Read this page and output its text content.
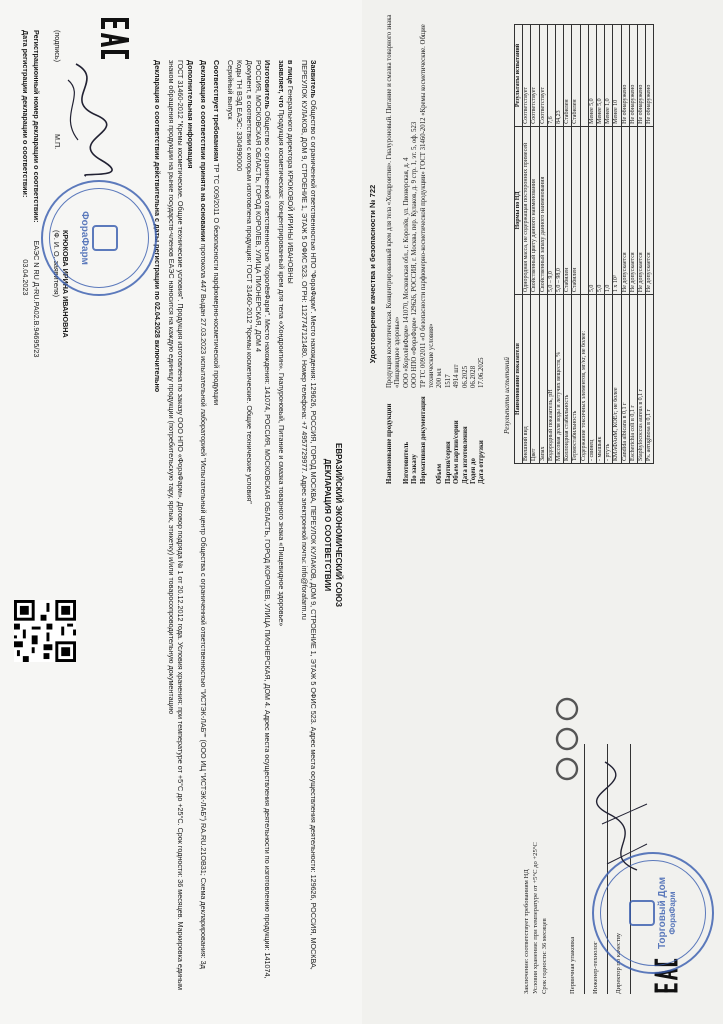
ЕВРАЗИЙСКИЙ ЭКОНОМИЧЕСКИЙ СОЮЗ
ДЕКЛАРАЦИЯ О СООТВЕТСТВИИ

Заявитель Общество с ограниченной ответственностью НПО "ФораФарм". Место нахождения: 129626, РОССИЯ, ГОРОД МОСКВА, ПЕРЕУЛОК КУЛАКОВ, ДОМ 9, СТРОЕНИЕ 1, ЭТАЖ 5 ОФИС 523. Адрес места осуществления деятельности: 129626, РОССИЯ, МОСКВА, ПЕРЕУЛОК КУЛАКОВ, ДОМ 9, СТРОЕНИЕ 1, ЭТАЖ 5 ОФИС 523. ОГРН: 1127747121480. Номер телефона: +7 4957729977. Адрес электронной почты: info@forafarm.ru

в лице Генерального директора КРЮКОВОЙ ИРИНЫ ИВАНОВНЫ

заявляет, что Продукция косметическая: Концентрированный крем для тела «Хондроитин». Гиалуроновый, Питание и смазка товарного знака «Пищевидное здоровье»

Изготовитель Общество с ограниченной ответственностью "КоролёвФарм". Место нахождения: 141074, РОССИЯ, МОСКОВСКАЯ ОБЛАСТЬ, ГОРОД КОРОЛЕВ, УЛИЦА ПИОНЕРСКАЯ, ДОМ 4. Адрес места осуществления деятельности по изготовлению продукции: 141074, РОССИЯ, МОСКОВСКАЯ ОБЛАСТЬ, ГОРОД КОРОЛЕВ, УЛИЦА ПИОНЕРСКАЯ, ДОМ 4

Документ, в соответствии с которым изготовлена продукция: ГОСТ 31460-2012 "Кремы косметические. Общие технические условия"

Коды ТН ВЭД ЕАЭС: 3304990000

Серийный выпуск

Соответствует требованиям ТР ТС 009/2011 О безопасности парфюмерно-косметической продукции

Декларация о соответствии принята на основании протокола 447 Выдан 27.03.2023 испытательной лабораторией "Испытательный центр Общества с ограниченной ответственностью "ИСТЭК-ЛАБ"" (ООО ИЦ "ИСТЭК-ЛАБ") RA.RU.21ОВ31; Схема декларирования: 3д

Дополнительная информация

ГОСТ 31460-2012 "Кремы косметические. Общие технические условия". Продукция изготовлена по заказу ООО НПО «ФораФарм». Договор подряда № 1 от 20.12.2012 года. Условия хранения: при температуре от +5°С до +25°С. Срок годности: 36 месяцев. Маркировка единым знаком обращения продукции на рынке государств-членов ЕАЭС наносится на каждую единицу продукции (потребительскую тару, ярлык, этикетку) и/или товаросопроводительную документацию

Декларация о соответствии действительна с даты регистрации по 02.04.2028 включительно

(подпись) М.П.
КРЮКОВА ИРИНА ИВАНОВНА
(Ф. И. О. заявителя)
Регистрационный номер декларации о соответствии: ЕАЭС N RU Д-RU.РА02.В.94695/23
Дата регистрации декларации о соответствии: 03.04.2023
ФораФарм	Удостоверение качества и безопасности № 722
Наименование продукции
Продукция косметическая. Концентрированный крем для тела «Хондроитин». Гиалуроновый. Питание и смазка товарного знака «Пищевидное здоровье»
Изготовитель
ООО «КоролёвФарм» 141070, Московская обл., г. Королёв, ул. Пионерская, д. 4
По заказу
ООО НПО «ФораФарм» 129626, РОССИЯ, г. Москва, пер. Кулаков, д. 9 стр. 1, эт. 5, оф. 523
Нормативная документация
ТР ТС 009/2011 «О безопасности парфюмерно-косметической продукции» ГОСТ 31460-2012 «Кремы косметические. Общие технические условия»
Объем
200 мл
Партия/серия
1517
Объем партии/серии
4914 шт
Дата изготовления
06.2025
Годен до
06.2028
Дата отгрузки
17.06.2025 Результаты испытаний Наименование показателя	Нормы по НД	Результаты испытаний
Внешний вид	Однородная масса, не содержащая посторонних примесей	Соответствует
Цвет	Свойственный цвету данного наименования	Соответствует
Запах	Свойственный запаху данного наименования	Соответствует
Водородный показатель, рН	5,0 – 9,0	7,6
Массовая доля воды и летучих веществ, %	5,0 – 98,0	84,23
Коллоидная стабильность	Стабилен	Стабилен
Термостабильность	Стабилен	Стабилен
Содержание токсичных элементов, мг/кг, не более:		
- свинец	5,0	Менее 5,0
- мышьяк	5,0	Менее 5,0
- ртуть	1,0	Менее 1,0
КМАФАнМ, КОЕ/г, не более	1 х 10³	Менее 10
Candida albicans в 0,1 г	Не допускается	Не обнаружено
Escherichia coli в 0,1 г	Не допускается	Не обнаружено
Staphylococcus aureus в 0,1 г	Не допускается	Не обнаружено
Ps. aeruginosa в 0,1 г	Не допускается	Не обнаружено
Заключение: соответствует требованиям НД Условия хранения: при температуре от +5°С до +25°С Срок годности: 36 месяцев	Первичная упаковка	Инженер-технолог	Директор по качеству
Торговый Дом ФораФарм
